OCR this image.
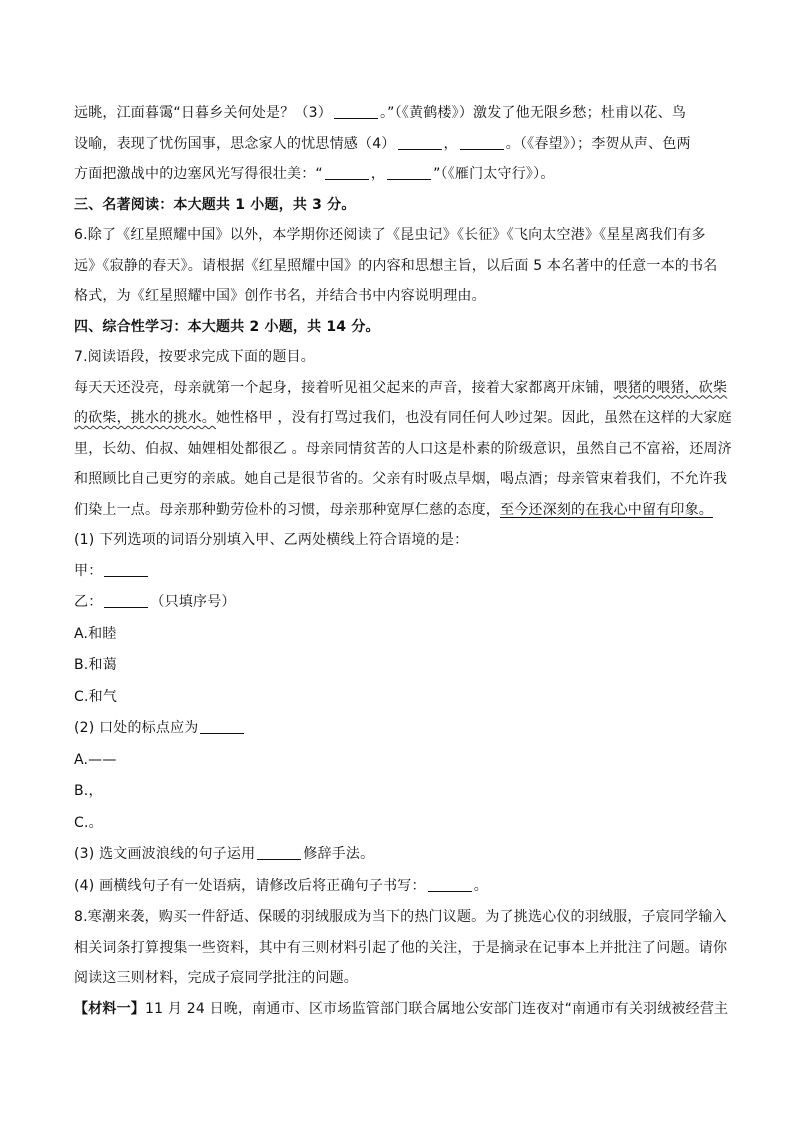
远眺，江面暮霭“日暮乡关何处是？（3）	。”（《黄鹤楼》）激发了他无限乡愁；杜甫以花、鸟
设喻，表现了忧伤国事，思念家人的忧思情感（4）	，	。（《春望》）；李贺从声、色两
方面把激战中的边塞风光写得很壮美：“	，	”（《雁门太守行》）。
三、名著阅读：本大题共 1 小题，共 3 分。
6.除了《红星照耀中国》以外，本学期你还阅读了《昆虫记》《长征》《飞向太空港》《星星离我们有多
远》《寂静的春天》。请根据《红星照耀中国》的内容和思想主旨，以后面 5 本名著中的任意一本的书名
格式，为《红星照耀中国》创作书名，并结合书中内容说明理由。
四、综合性学习：本大题共 2 小题，共 14 分。
7.阅读语段，按要求完成下面的题目。
每天天还没亮，母亲就第一个起身，接着听见祖父起来的声音，接着大家都离开床铺，喂猪的喂猪，砍柴
的砍柴，挑水的挑水。她性格甲 ，没有打骂过我们，也没有同任何人吵过架。因此，虽然在这样的大家庭
里，长幼、伯叔、妯娌相处都很乙 。母亲同情贫苦的人口这是朴素的阶级意识，虽然自己不富裕，还周济
和照顾比自己更穷的亲戚。她自己是很节省的。父亲有时吸点旱烟，喝点酒；母亲管束着我们，不允许我
们染上一点。母亲那种勤劳俭朴的习惯，母亲那种宽厚仁慈的态度，至今还深刻的在我心中留有印象。
(1) 下列选项的词语分别填入甲、乙两处横线上符合语境的是：
甲：
乙：	（只填序号）
A.和睦
B.和蔼
C.和气
(2) 口处的标点应为
A.——
B.，
C.。
(3) 选文画波浪线的句子运用	修辞手法。
(4) 画横线句子有一处语病，请修改后将正确句子书写：	。
8.寒潮来袭，购买一件舒适、保暖的羽绒服成为当下的热门议题。为了挑选心仪的羽绒服，子宸同学输入
相关词条打算搜集一些资料，其中有三则材料引起了他的关注，于是摘录在记事本上并批注了问题。请你
阅读这三则材料，完成子宸同学批注的问题。
【材料一】11 月 24 日晚，南通市、区市场监管部门联合属地公安部门连夜对“南通市有关羽绒被经营主
